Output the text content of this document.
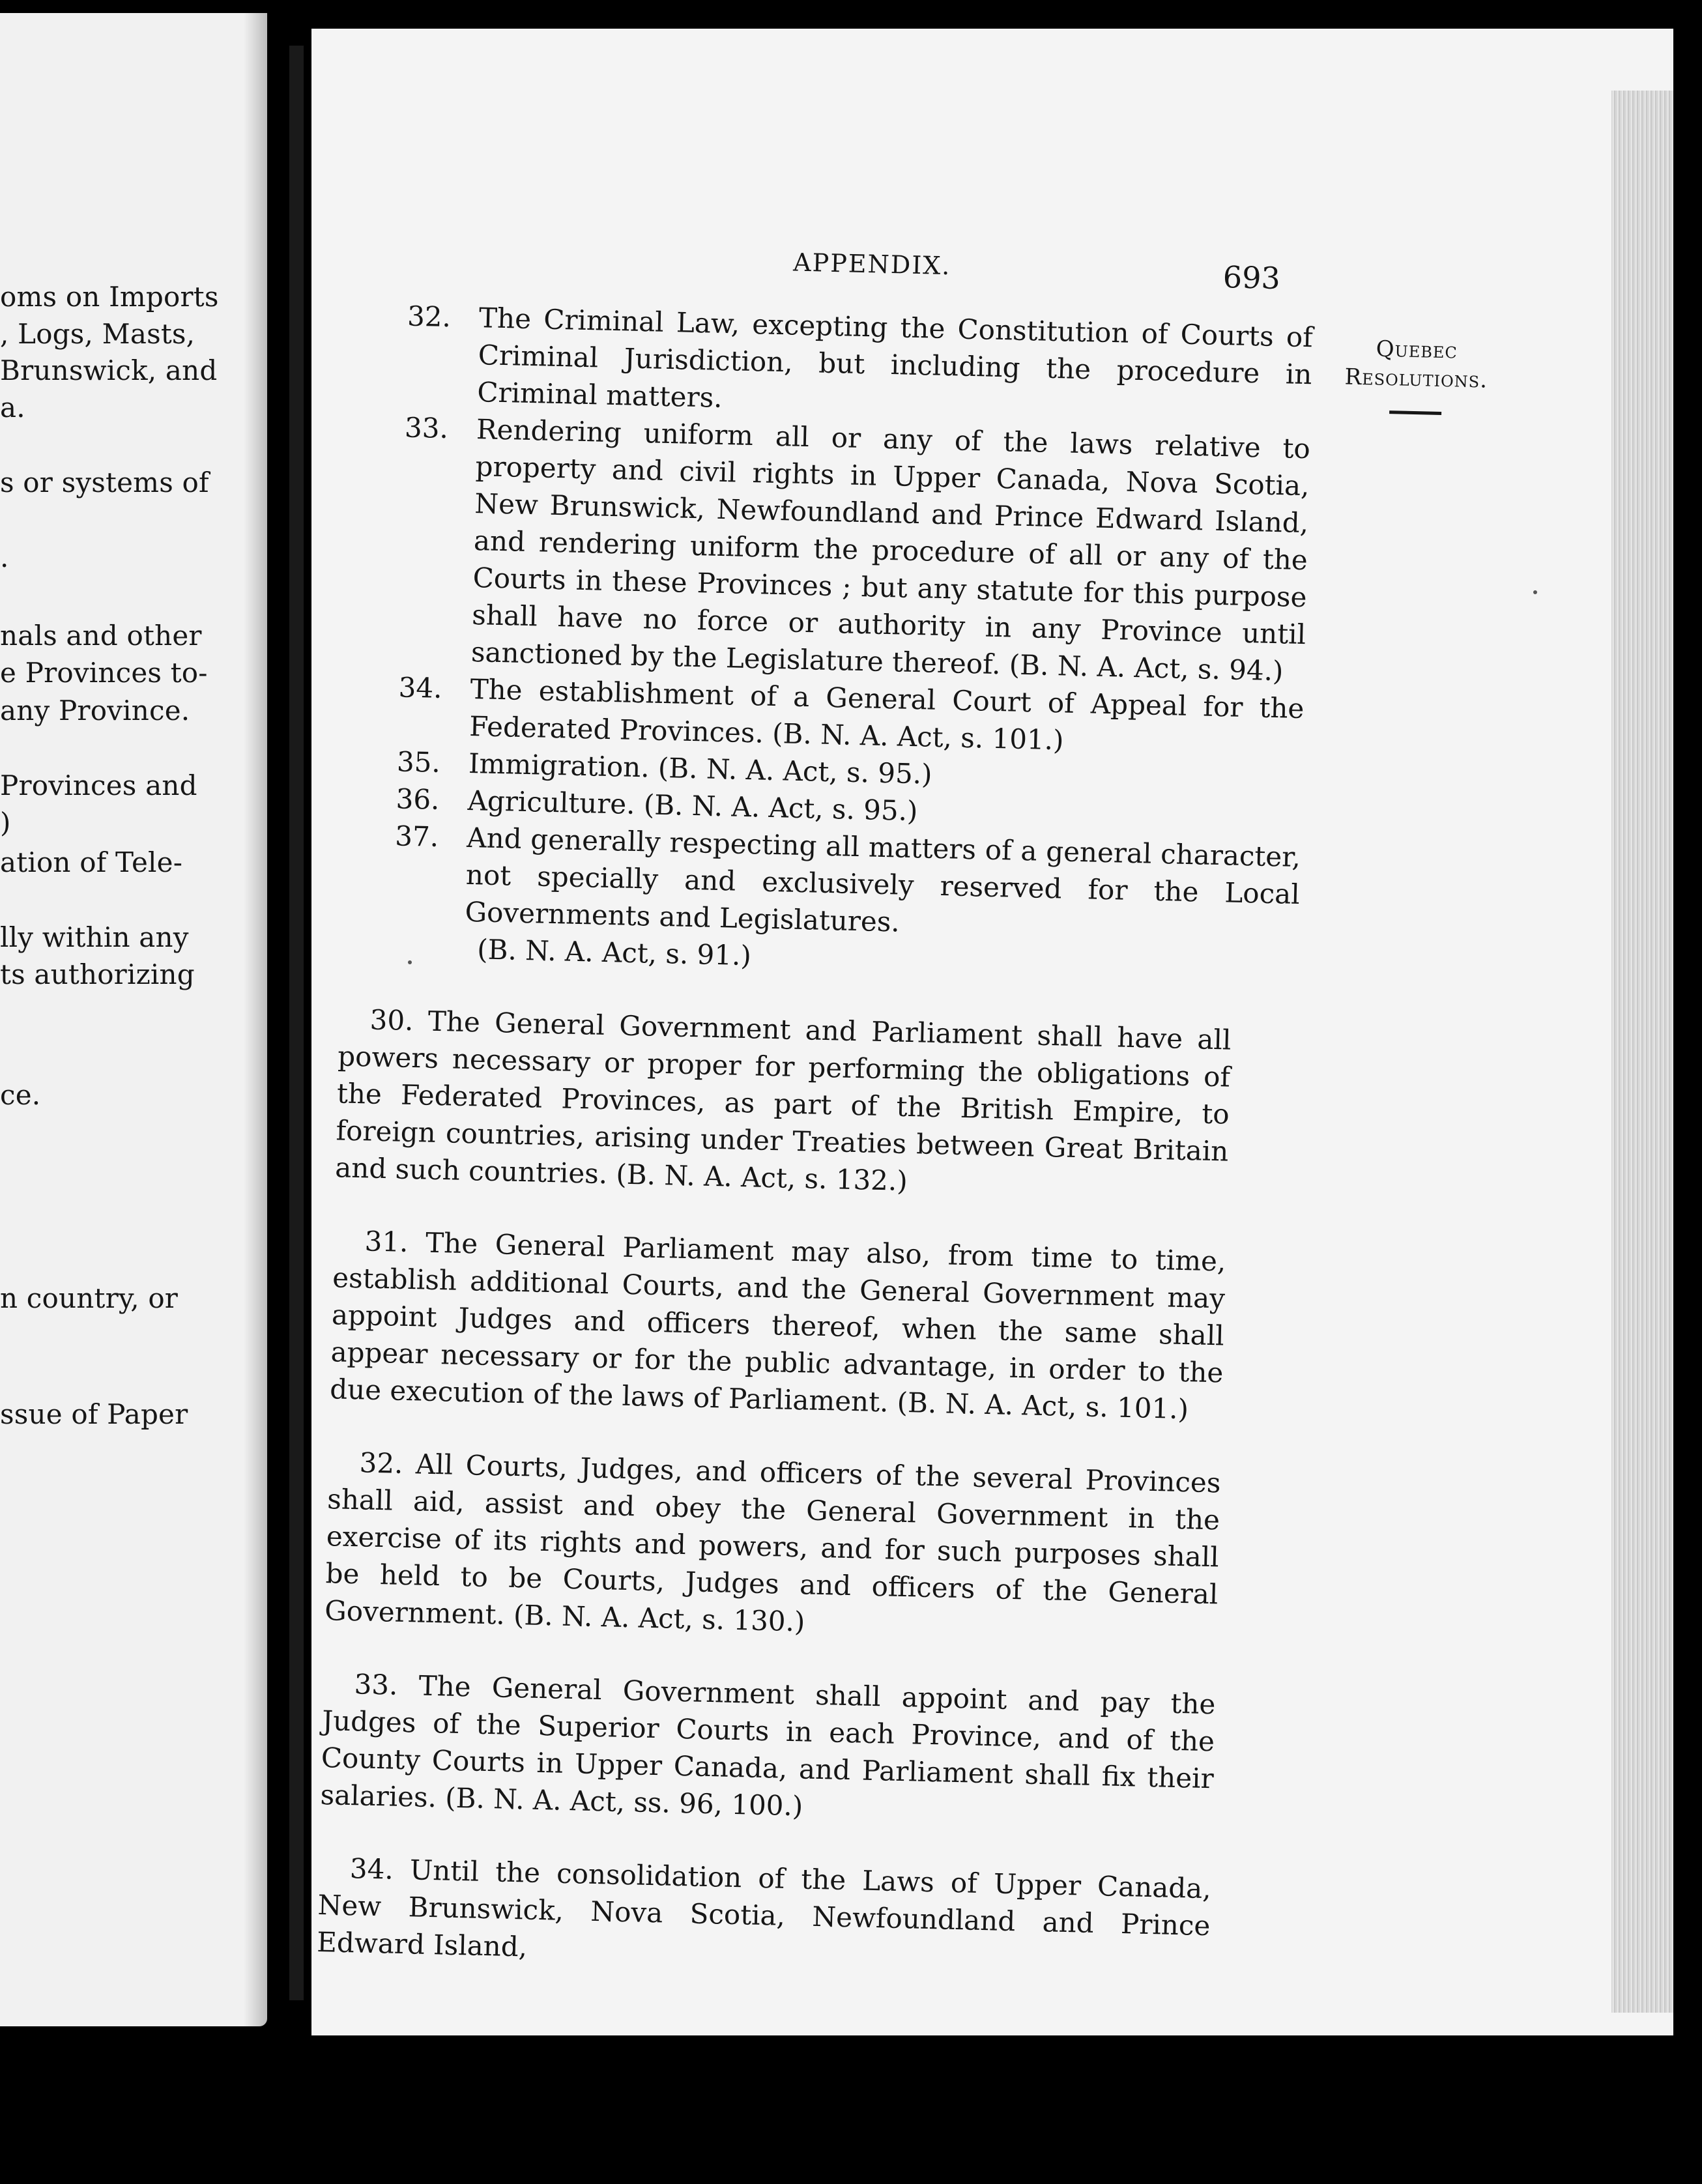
oms on Imports
, Logs, Masts,
Brunswick, and
a.
s or systems of
.
nals and other
e Provinces to-
any Province.
Provinces and
)
ation of Tele-
lly within any
ts authorizing
ce.
n country, or
ssue of Paper
APPENDIX.	693
Quebec
Resolutions.
32. The Criminal Law, excepting the Constitution of Courts of Criminal Jurisdiction, but including the procedure in Criminal matters.
33. Rendering uniform all or any of the laws relative to property and civil rights in Upper Canada, Nova Scotia, New Brunswick, Newfoundland and Prince Edward Island, and rendering uniform the procedure of all or any of the Courts in these Provinces ; but any statute for this purpose shall have no force or authority in any Province until sanctioned by the Legislature thereof. (B. N. A. Act, s. 94.)
34. The establishment of a General Court of Appeal for the Federated Provinces. (B. N. A. Act, s. 101.)
35. Immigration. (B. N. A. Act, s. 95.)
36. Agriculture. (B. N. A. Act, s. 95.)
37. And generally respecting all matters of a general character, not specially and exclusively reserved for the Local Governments and Legislatures.
(B. N. A. Act, s. 91.)

30. The General Government and Parliament shall have all powers necessary or proper for performing the obligations of the Federated Provinces, as part of the British Empire, to foreign countries, arising under Treaties between Great Britain and such countries. (B. N. A. Act, s. 132.)

31. The General Parliament may also, from time to time, establish additional Courts, and the General Government may appoint Judges and officers thereof, when the same shall appear necessary or for the public advantage, in order to the due execution of the laws of Parliament. (B. N. A. Act, s. 101.)

32. All Courts, Judges, and officers of the several Provinces shall aid, assist and obey the General Government in the exercise of its rights and powers, and for such purposes shall be held to be Courts, Judges and officers of the General Government. (B. N. A. Act, s. 130.)

33. The General Government shall appoint and pay the Judges of the Superior Courts in each Province, and of the County Courts in Upper Canada, and Parliament shall fix their salaries. (B. N. A. Act, ss. 96, 100.)

34. Until the consolidation of the Laws of Upper Canada, New Brunswick, Nova Scotia, Newfoundland and Prince Edward Island,
